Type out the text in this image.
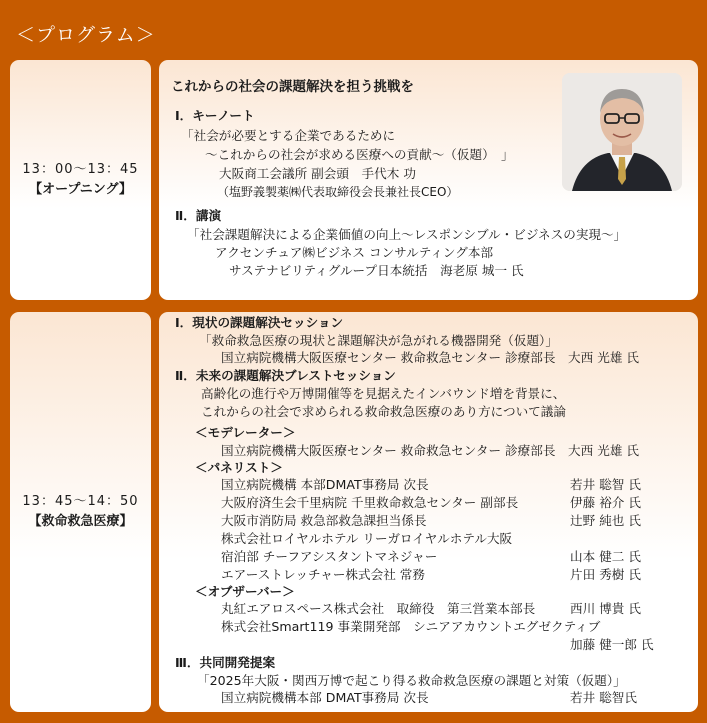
＜プログラム＞
13：00〜13：45
【オープニング】
これからの社会の課題解決を担う挑戦を
Ⅰ．キーノート
「社会が必要とする企業であるために
〜これからの社会が求める医療への貢献〜（仮題）　」
大阪商工会議所 副会頭　手代木 功
（塩野義製薬㈱代表取締役会長兼社長CEO）
Ⅱ．講演
「社会課題解決による企業価値の向上〜レスポンシブル・ビジネスの実現〜」
アクセンチュア㈱ビジネス コンサルティング本部
サステナビリティグループ日本統括　海老原 城一 氏
13：45〜14：50
【救命救急医療】
Ⅰ．現状の課題解決セッション
「救命救急医療の現状と課題解決が急がれる機器開発（仮題）」
国立病院機構大阪医療センター 救命救急センター 診療部長　大西 光雄 氏
Ⅱ．未来の課題解決ブレストセッション
高齢化の進行や万博開催等を見据えたインバウンド増を背景に、
これからの社会で求められる救命救急医療のあり方について議論
＜モデレーター＞
国立病院機構大阪医療センター 救命救急センター 診療部長　大西 光雄 氏
＜パネリスト＞
国立病院機構 本部DMAT事務局 次長	若井 聡智 氏
大阪府済生会千里病院 千里救命救急センター 副部長	伊藤 裕介 氏
大阪市消防局 救急部救急課担当係長	辻野 純也 氏
株式会社ロイヤルホテル リーガロイヤルホテル大阪
宿泊部 チーフアシスタントマネジャー	山本 健二 氏
エアーストレッチャー株式会社 常務	片田 秀樹 氏
＜オブザーバー＞
丸紅エアロスペース株式会社　取締役　第三営業本部長	西川 博貴 氏
株式会社Smart119 事業開発部　シニアアカウントエグゼクティブ
加藤 健一郎 氏
Ⅲ．共同開発提案
「2025年大阪・関西万博で起こり得る救命救急医療の課題と対策（仮題）」
国立病院機構本部 DMAT事務局 次長	若井 聡智氏
